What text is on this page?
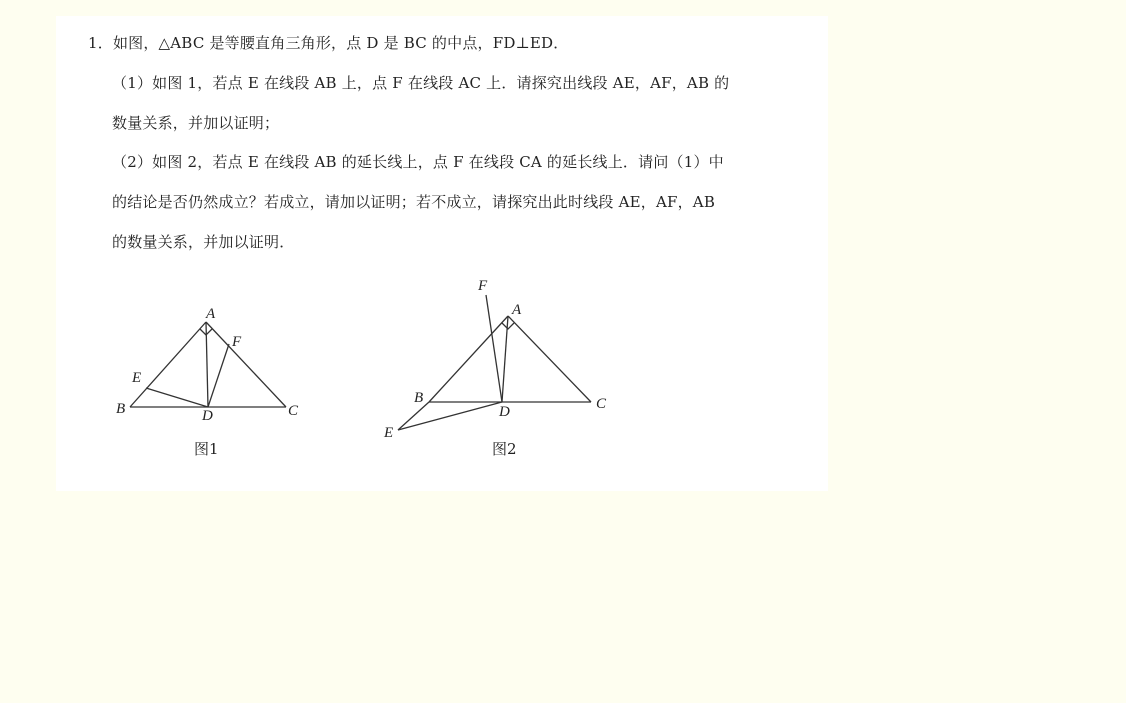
1．如图，△ABC 是等腰直角三角形，点 D 是 BC 的中点，FD⊥ED．
（1）如图 1，若点 E 在线段 AB 上，点 F 在线段 AC 上．请探究出线段 AE，AF，AB 的
数量关系，并加以证明；
（2）如图 2，若点 E 在线段 AB 的延长线上，点 F 在线段 CA 的延长线上．请问（1）中
的结论是否仍然成立？若成立，请加以证明；若不成立，请探究出此时线段 AE，AF，AB
的数量关系，并加以证明．
A
B	C
D
E
F
图1
A
B	C
D
E
F
图2
